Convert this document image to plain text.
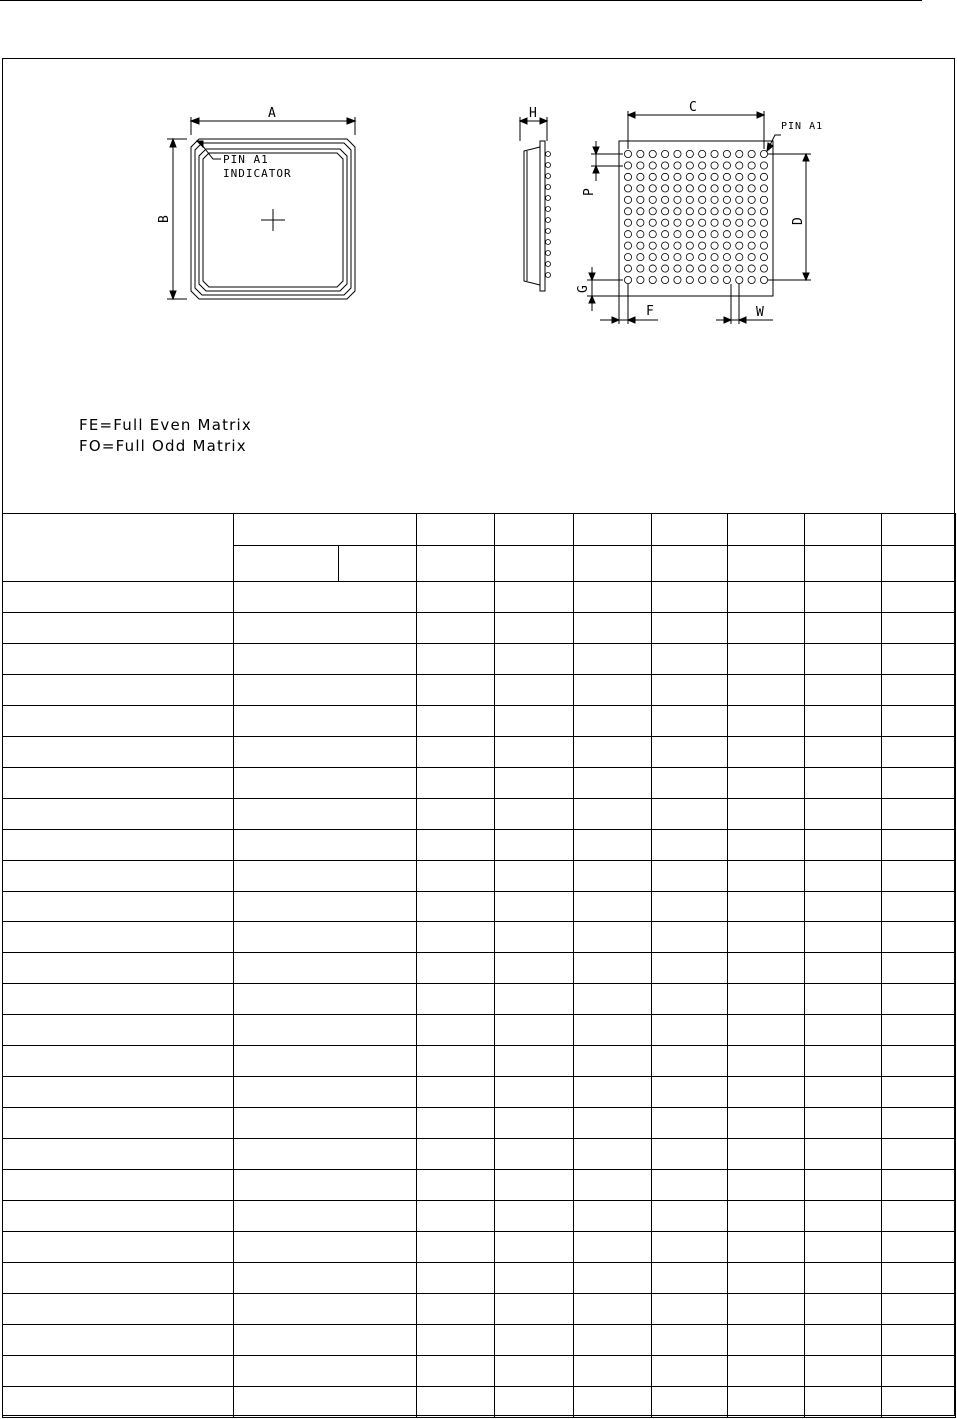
A
B
H	C
D
P
G
F	W
PIN A1
INDICATOR
PIN A1
FE=Full Even Matrix
FO=Full Odd Matrix
